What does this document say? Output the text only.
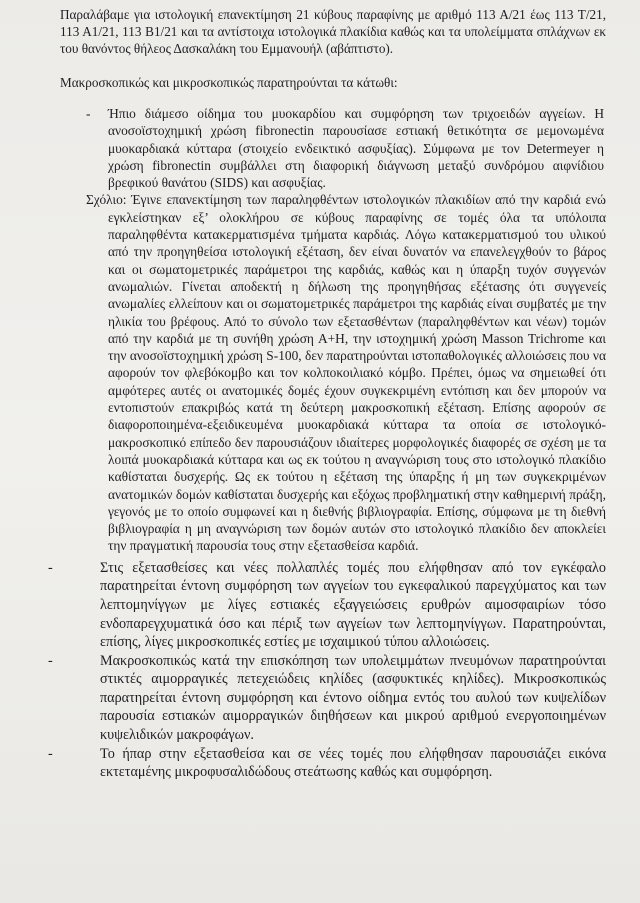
Παραλάβαμε για ιστολογική επανεκτίμηση 21 κύβους παραφίνης με αριθμό 113 Α/21 έως 113 Τ/21, 113 Α1/21, 113 Β1/21 και τα αντίστοιχα ιστολογικά πλακίδια καθώς και τα υπολείμματα σπλάχνων εκ του θανόντος θήλεος Δασκαλάκη του Εμμανουήλ (αβάπτιστο).

Μακροσκοπικώς και μικροσκοπικώς παρατηρούνται τα κάτωθι:

-	Ήπιο διάμεσο οίδημα του μυοκαρδίου και συμφόρηση των τριχοειδών αγγείων. Η ανοσοϊστοχημική χρώση fibronectin παρουσίασε εστιακή θετικότητα σε μεμονωμένα μυοκαρδιακά κύτταρα (στοιχείο ενδεικτικό ασφυξίας). Σύμφωνα με τον Determeyer η χρώση fibronectin συμβάλλει στη διαφορική διάγνωση μεταξύ συνδρόμου αιφνίδιου βρεφικού θανάτου (SIDS) και ασφυξίας.

Σχόλιο: Έγινε επανεκτίμηση των παραληφθέντων ιστολογικών πλακιδίων από την καρδιά ενώ εγκλείστηκαν εξ’ ολοκλήρου σε κύβους παραφίνης σε τομές όλα τα υπόλοιπα παραληφθέντα κατακερματισμένα τμήματα καρδιάς. Λόγω κατακερματισμού του υλικού από την προηγηθείσα ιστολογική εξέταση, δεν είναι δυνατόν να επανελεγχθούν το βάρος και οι σωματομετρικές παράμετροι της καρδιάς, καθώς και η ύπαρξη τυχόν συγγενών ανωμαλιών. Γίνεται αποδεκτή η δήλωση της προηγηθήσας εξέτασης ότι συγγενείς ανωμαλίες ελλείπουν και οι σωματομετρικές παράμετροι της καρδιάς είναι συμβατές με την ηλικία του βρέφους. Από το σύνολο των εξετασθέντων (παραληφθέντων και νέων) τομών από την καρδιά με τη συνήθη χρώση Α+Η, την ιστοχημική χρώση Masson Trichrome και την ανοσοϊστοχημική χρώση S-100, δεν παρατηρούνται ιστοπαθολογικές αλλοιώσεις που να αφορούν τον φλεβόκομβο και τον κολποκοιλιακό κόμβο. Πρέπει, όμως να σημειωθεί ότι αμφότερες αυτές οι ανατομικές δομές έχουν συγκεκριμένη εντόπιση και δεν μπορούν να εντοπιστούν επακριβώς κατά τη δεύτερη μακροσκοπική εξέταση. Επίσης αφορούν σε διαφοροποιημένα-εξειδικευμένα μυοκαρδιακά κύτταρα τα οποία σε ιστολογικό-μακροσκοπικό επίπεδο δεν παρουσιάζουν ιδιαίτερες μορφολογικές διαφορές σε σχέση με τα λοιπά μυοκαρδιακά κύτταρα και ως εκ τούτου η αναγνώριση τους στο ιστολογικό πλακίδιο καθίσταται δυσχερής. Ως εκ τούτου η εξέταση της ύπαρξης ή μη των συγκεκριμένων ανατομικών δομών καθίσταται δυσχερής και εξόχως προβληματική στην καθημερινή πράξη, γεγονός με το οποίο συμφωνεί και η διεθνής βιβλιογραφία. Επίσης, σύμφωνα με τη διεθνή βιβλιογραφία η μη αναγνώριση των δομών αυτών στο ιστολογικό πλακίδιο δεν αποκλείει την πραγματική παρουσία τους στην εξετασθείσα καρδιά.

-	Στις εξετασθείσες και νέες πολλαπλές τομές που ελήφθησαν από τον εγκέφαλο παρατηρείται έντονη συμφόρηση των αγγείων του εγκεφαλικού παρεγχύματος και των λεπτομηνίγγων με λίγες εστιακές εξαγγειώσεις ερυθρών αιμοσφαιρίων τόσο ενδοπαρεγχυματικά όσο και πέριξ των αγγείων των λεπτομηνίγγων. Παρατηρούνται, επίσης, λίγες μικροσκοπικές εστίες με ισχαιμικού τύπου αλλοιώσεις.
-	Μακροσκοπικώς κατά την επισκόπηση των υπολειμμάτων πνευμόνων παρατηρούνται στικτές αιμορραγικές πετεχειώδεις κηλίδες (ασφυκτικές κηλίδες). Μικροσκοπικώς παρατηρείται έντονη συμφόρηση και έντονο οίδημα εντός του αυλού των κυψελίδων παρουσία εστιακών αιμορραγικών διηθήσεων και μικρού αριθμού ενεργοποιημένων κυψελιδικών μακροφάγων.
-	Το ήπαρ στην εξετασθείσα και σε νέες τομές που ελήφθησαν παρουσιάζει εικόνα εκτεταμένης μικροφυσαλιδώδους στεάτωσης καθώς και συμφόρηση.
